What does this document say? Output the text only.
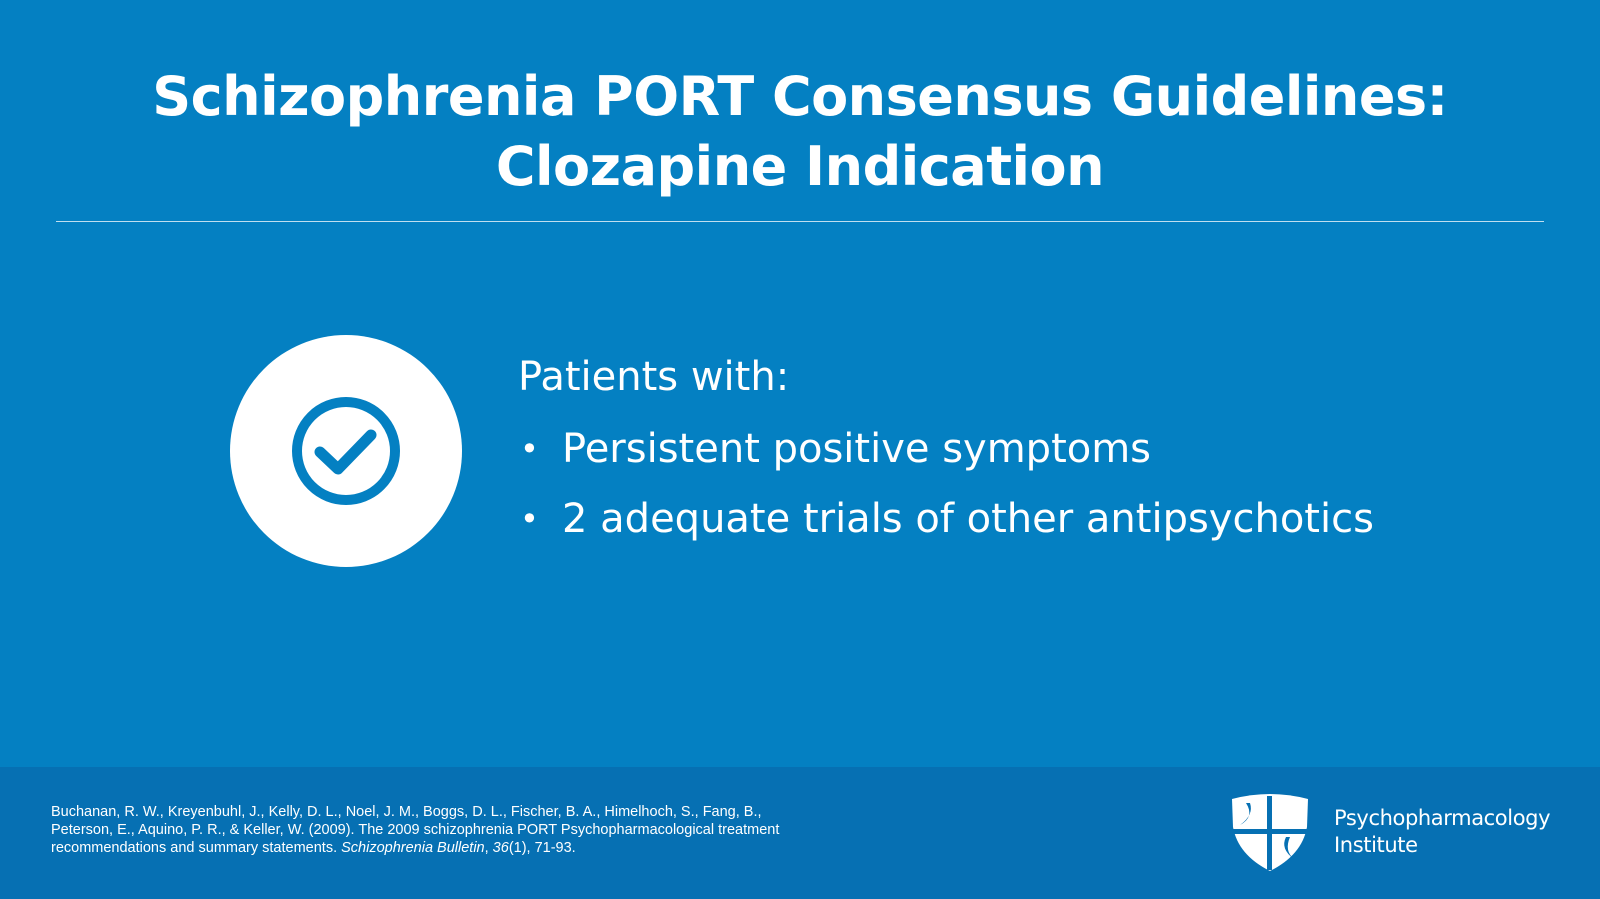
Schizophrenia PORT Consensus Guidelines:
Clozapine Indication

Patients with:

• Persistent positive symptoms
• 2 adequate trials of other antipsychotics
Buchanan, R. W., Kreyenbuhl, J., Kelly, D. L., Noel, J. M., Boggs, D. L., Fischer, B. A., Himelhoch, S., Fang, B., Peterson, E., Aquino, P. R., & Keller, W. (2009). The 2009 schizophrenia PORT Psychopharmacological treatment recommendations and summary statements. Schizophrenia Bulletin, 36(1), 71-93.
Psychopharmacology
Institute
